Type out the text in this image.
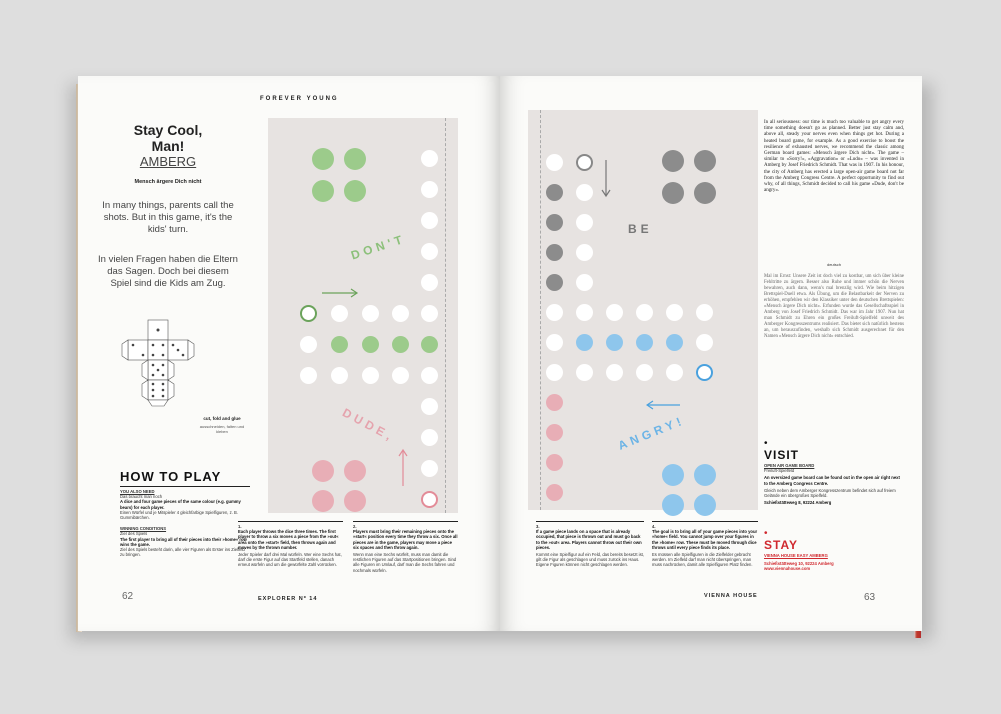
FOREVER YOUNG
Stay Cool,
Man!
AMBERG
Mensch ärgere Dich nicht
In many things, parents call the shots. But in this game, it's the kids' turn.
In vielen Fragen haben die Eltern das Sagen. Doch bei diesem Spiel sind die Kids am Zug.
cut, fold and glue
ausschneiden, falten und kleben
HOW TO PLAY
YOU ALSO NEED
Das braucht man noch
A dice and four game pieces of the same colour (e.g. gummy bears) for each player.
Einen Würfel und je Mitspieler 4 gleichfarbige Spielfiguren, z. B. Gummibärchen.
WINNING CONDITIONS
Ziel des Spiels
The first player to bring all of their pieces into their »home« row wins the game.
Ziel des Spiels besteht darin, alle vier Figuren als Erster ins Zielfeld zu bringen.
1.
Each player throws the dice three times. The first player to throw a six moves a piece from the »out« area onto the »start« field, then throws again and moves by the thrown number.
Jeder Spieler darf drei Mal würfeln. Wer eine Sechs hat, darf die erste Figur auf das Startfeld stellen, danach erneut würfeln und um die gewürfelte Zahl vorrücken.
2.
Players must bring their remaining pieces onto the »start« position every time they throw a six. Once all pieces are in the game, players may move a piece six spaces and then throw again.
Wenn man eine Sechs würfelt, muss man damit die restlichen Figuren auf das Startpositionen bringen. Sind alle Figuren im Umlauf, darf man die Sechs fahren und nochmals würfeln.
62	EXPLORER Nº 14
DON'T
DUDE,
BE
ANGRY!
3.
If a game piece lands on a space that is already occupied, that piece is thrown out and must go back to the »out« area. Players cannot throw out their own pieces.
Kommt eine Spielfigur auf ein Feld, das bereits besetzt ist, gilt die Figur als geschlagen und muss zurück ins Haus. Eigene Figuren können nicht geschlagen werden.
4.
The goal is to bring all of your game pieces into your »home« field. You cannot jump over your figures in the »home« row. These must be moved through dice throws until every piece finds its place.
Es müssen alle Spielfiguren in die Zielfelder gebracht werden. Im Zielfeld darf man nicht überspringen, man muss nachrücken, damit alle Spielfiguren Platz finden.
VIENNA HOUSE	63
In all seriousness: our time is much too valuable to get angry every time something doesn't go as planned. Better just stay calm and, above all, steady your nerves even when things get hot. During a heated board game, for example. As a good exercise to boost the resilience of exhausted nerves, we recommend the classic among German board games: »Mensch ärgere Dich nicht«. The game – similar to »Sorry!«, »Aggravation« or »Ludo« – was invented in Amberg by Josef Friedrich Schmidt. That was in 1907. In his honour, the city of Amberg has erected a large open-air game board not far from the Amberg Congress Centre. A perfect opportunity to find out why, of all things, Schmidt decided to call his game »Dude, don't be angry«.
deutsch
Mal im Ernst: Unsere Zeit ist doch viel zu kostbar, um sich über kleine Fehltritte zu ärgern. Besser also Ruhe und immer schön die Nerven bewahren, auch dann, wenn's mal brenzlig wird. Wie beim hitzigen Brettspiel-Duell etwa. Als Übung, um die Belastbarkeit der Nerven zu erhöhen, empfehlen wir den Klassiker unter den deutschen Brettspielen: »Mensch ärgere Dich nicht«. Erfunden wurde das Gesellschaftsspiel in Amberg von Josef Friedrich Schmidt. Das war im Jahr 1907. Nun hat man Schmidt zu Ehren ein großes Freiluft-Spielfeld unweit des Amberger Kongresszentrums realisiert. Das bietet sich natürlich bestens an, um herauszufinden, weshalb sich Schmidt ausgerechnet für den Namen »Mensch ärgere Dich nicht« entschied.
•
VISIT
OPEN AIR GAME BOARD
Freiluft-Spielfeld
An oversized game board can be found out in the open air right next to the Amberg Congress Centre.
Gleich neben dem Amberger Kongresszentrum befindet sich auf freiem Gelände ein übergroßes Spielfeld.
Schießstätteweg 8, 92224 Amberg
•
STAY
VIENNA HOUSE EASY AMBERG
Schießstätteweg 10, 92224 Amberg
www.viennahouse.com
